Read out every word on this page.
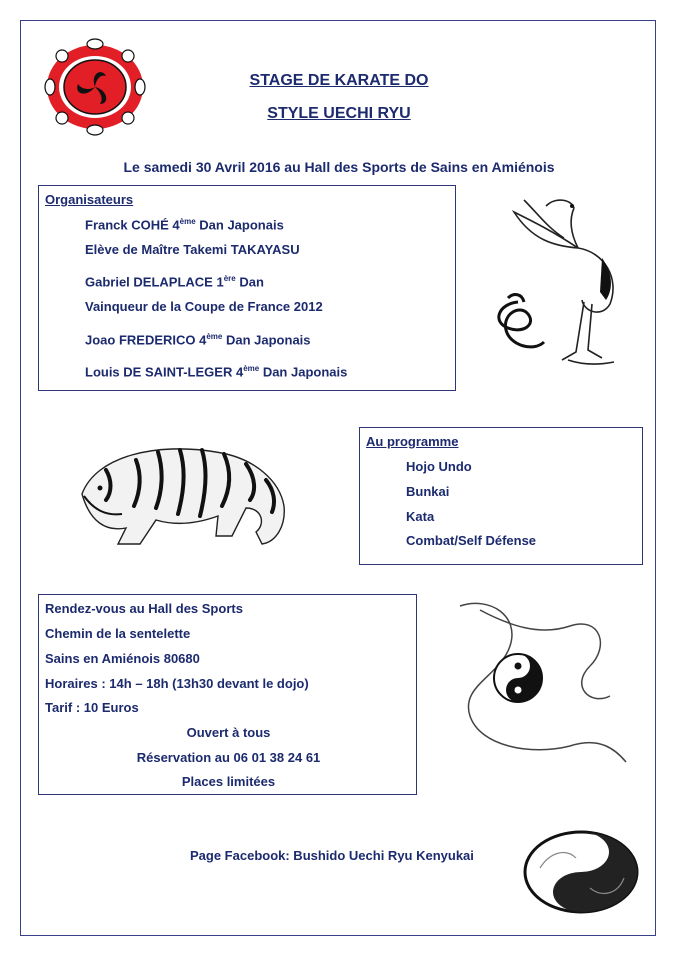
STAGE DE KARATE DO
STYLE UECHI RYU
Le samedi 30 Avril 2016 au Hall des Sports de Sains en Amiénois
Organisateurs
Franck COHÉ 4ème Dan Japonais
Elève de Maître Takemi TAKAYASU
Gabriel DELAPLACE 1ère Dan
Vainqueur de la Coupe de France 2012
Joao FREDERICO 4ème Dan Japonais
Louis DE SAINT-LEGER 4ème Dan Japonais
Au programme
Hojo Undo
Bunkai
Kata
Combat/Self Défense
Rendez-vous au Hall des Sports
Chemin de la sentelette
Sains en Amiénois 80680
Horaires : 14h – 18h (13h30 devant le dojo)
Tarif : 10 Euros
Ouvert à tous
Réservation au 06 01 38 24 61
Places limitées
Page Facebook: Bushido Uechi Ryu Kenyukai
